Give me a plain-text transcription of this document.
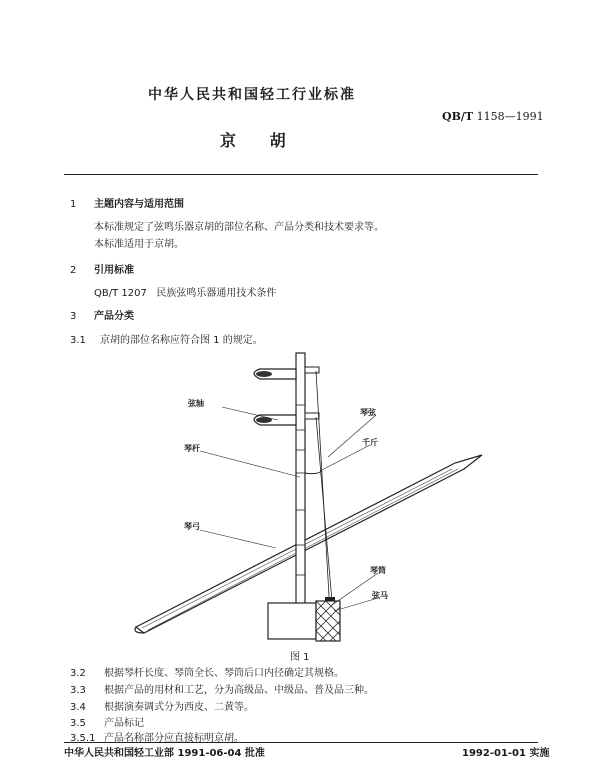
中华人民共和国轻工行业标准
QB/T 1158—1991
京 胡
1 主题内容与适用范围
本标准规定了弦鸣乐器京胡的部位名称、产品分类和技术要求等。
本标准适用于京胡。
2 引用标准
QB/T 1207   民族弦鸣乐器通用技术条件
3 产品分类
3.1 京胡的部位名称应符合图 1 的规定。
弦轴
琴弦
琴杆
千斤
琴弓
琴筒
弦马
图 1
3.2 根据琴杆长度、琴筒全长、琴筒后口内径确定其规格。
3.3 根据产品的用材和工艺，分为高级品、中级品、普及品三种。
3.4 根据演奏调式分为西皮、二黄等。
3.5 产品标记
3.5.1 产品名称部分应直接标明京胡。
中华人民共和国轻工业部 1991-06-04 批准	1992-01-01 实施
